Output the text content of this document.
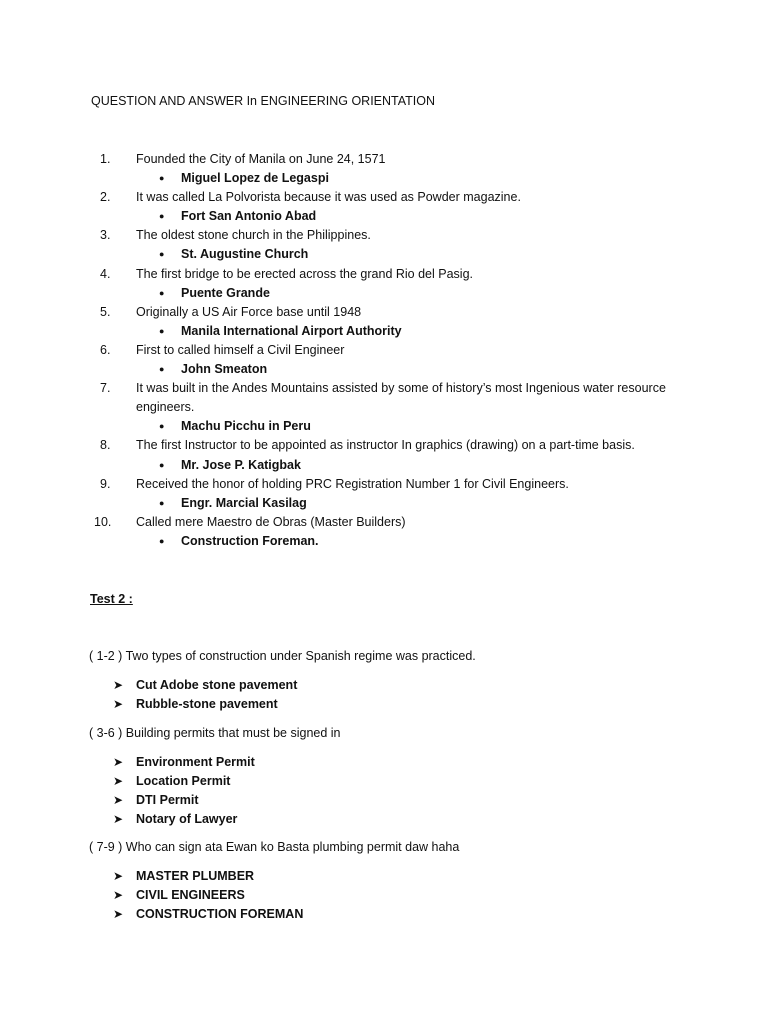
QUESTION AND ANSWER In ENGINEERING ORIENTATION
1.	Founded the City of Manila on June 24, 1571
● Miguel Lopez de Legaspi
2.	It was called La Polvorista because it was used as Powder magazine.
● Fort San Antonio Abad
3.	The oldest stone church in the Philippines.
● St. Augustine Church
4.	The first bridge to be erected across the grand Rio del Pasig.
● Puente Grande
5.	Originally a US Air Force base until 1948
● Manila International Airport Authority
6.	First to called himself a Civil Engineer
● John Smeaton
7.	It was built in the Andes Mountains assisted by some of history’s most Ingenious water resource engineers.
● Machu Picchu in Peru
8.	The first Instructor to be appointed as instructor In graphics (drawing) on a part-time basis.
● Mr. Jose P. Katigbak
9.	Received the honor of holding PRC Registration Number 1 for Civil Engineers.
● Engr. Marcial Kasilag
10.	Called mere Maestro de Obras (Master Builders)
● Construction Foreman.
Test 2 :
( 1-2 ) Two types of construction under Spanish regime was practiced.
➤ Cut Adobe stone pavement
➤ Rubble-stone pavement
( 3-6 ) Building permits that must be signed in
➤ Environment Permit
➤ Location Permit
➤ DTI Permit
➤ Notary of Lawyer
( 7-9 ) Who can sign ata Ewan ko Basta plumbing permit daw haha
➤ MASTER PLUMBER
➤ CIVIL ENGINEERS
➤ CONSTRUCTION FOREMAN
